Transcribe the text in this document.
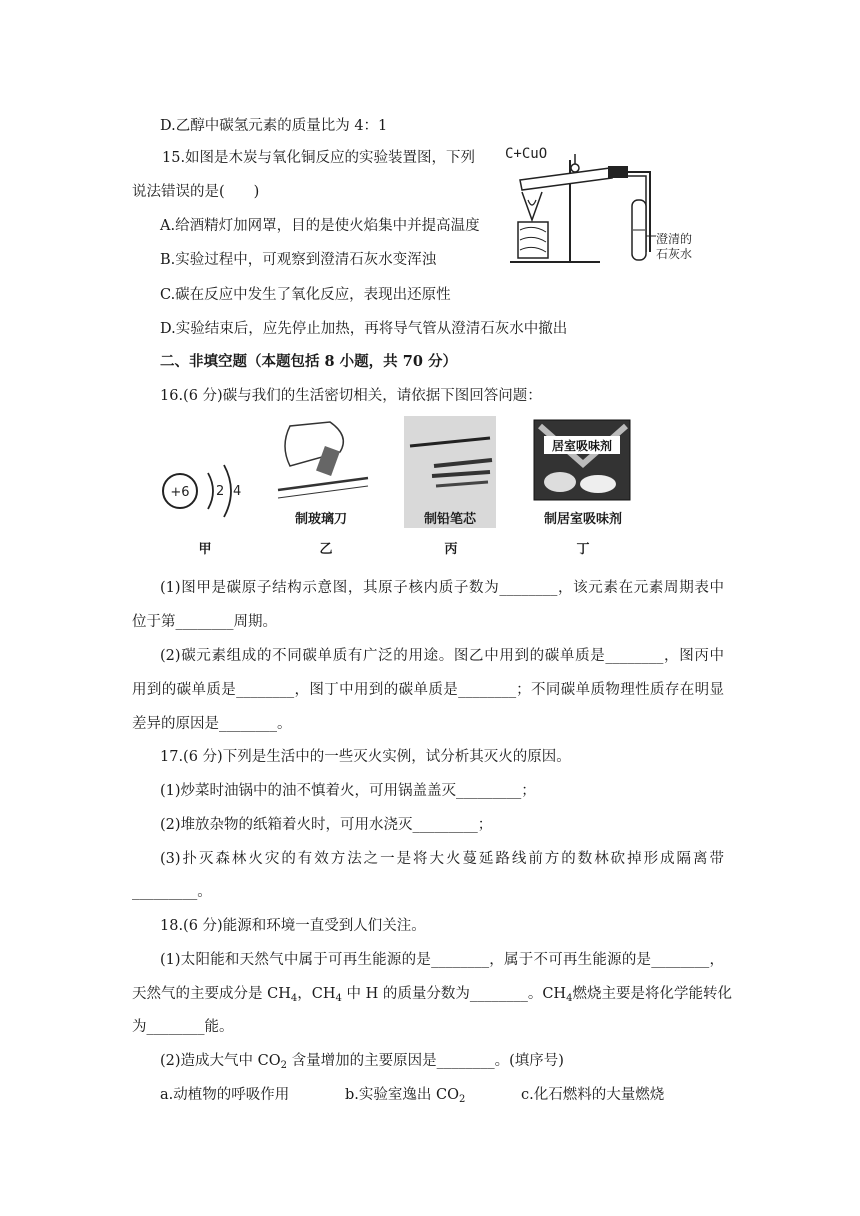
D.乙醇中碳氢元素的质量比为 4：1
15.如图是木炭与氧化铜反应的实验装置图，下列
说法错误的是(　　)
A.给酒精灯加网罩，目的是使火焰集中并提高温度
B.实验过程中，可观察到澄清石灰水变浑浊
C.碳在反应中发生了氧化反应，表现出还原性
D.实验结束后，应先停止加热，再将导气管从澄清石灰水中撤出
二、非填空题（本题包括 8 小题，共 70 分）
16.(6 分)碳与我们的生活密切相关，请依据下图回答问题：
(1)图甲是碳原子结构示意图，其原子核内质子数为________，该元素在元素周期表中
位于第________周期。
(2)碳元素组成的不同碳单质有广泛的用途。图乙中用到的碳单质是________，图丙中
用到的碳单质是________，图丁中用到的碳单质是________；不同碳单质物理性质存在明显
差异的原因是________。
17.(6 分)下列是生活中的一些灭火实例，试分析其灭火的原因。
(1)炒菜时油锅中的油不慎着火，可用锅盖盖灭_________；
(2)堆放杂物的纸箱着火时，可用水浇灭_________；
(3)扑灭森林火灾的有效方法之一是将大火蔓延路线前方的数林砍掉形成隔离带
_________。
18.(6 分)能源和环境一直受到人们关注。
(1)太阳能和天然气中属于可再生能源的是________，属于不可再生能源的是________，
天然气的主要成分是 $CH_4$，$CH_4$ 中 H 的质量分数为________。$CH_4$燃烧主要是将化学能转化
为________能。
(2)造成大气中 $CO_2$ 含量增加的主要原因是________。(填序号)
a.动植物的呼吸作用	b.实验室逸出 $CO_2$	c.化石燃料的大量燃烧
C+CuO
澄清的
石灰水
+6 2 4
甲
制玻璃刀
乙
制铅笔芯
丙
居室吸味剂
制居室吸味剂
丁
